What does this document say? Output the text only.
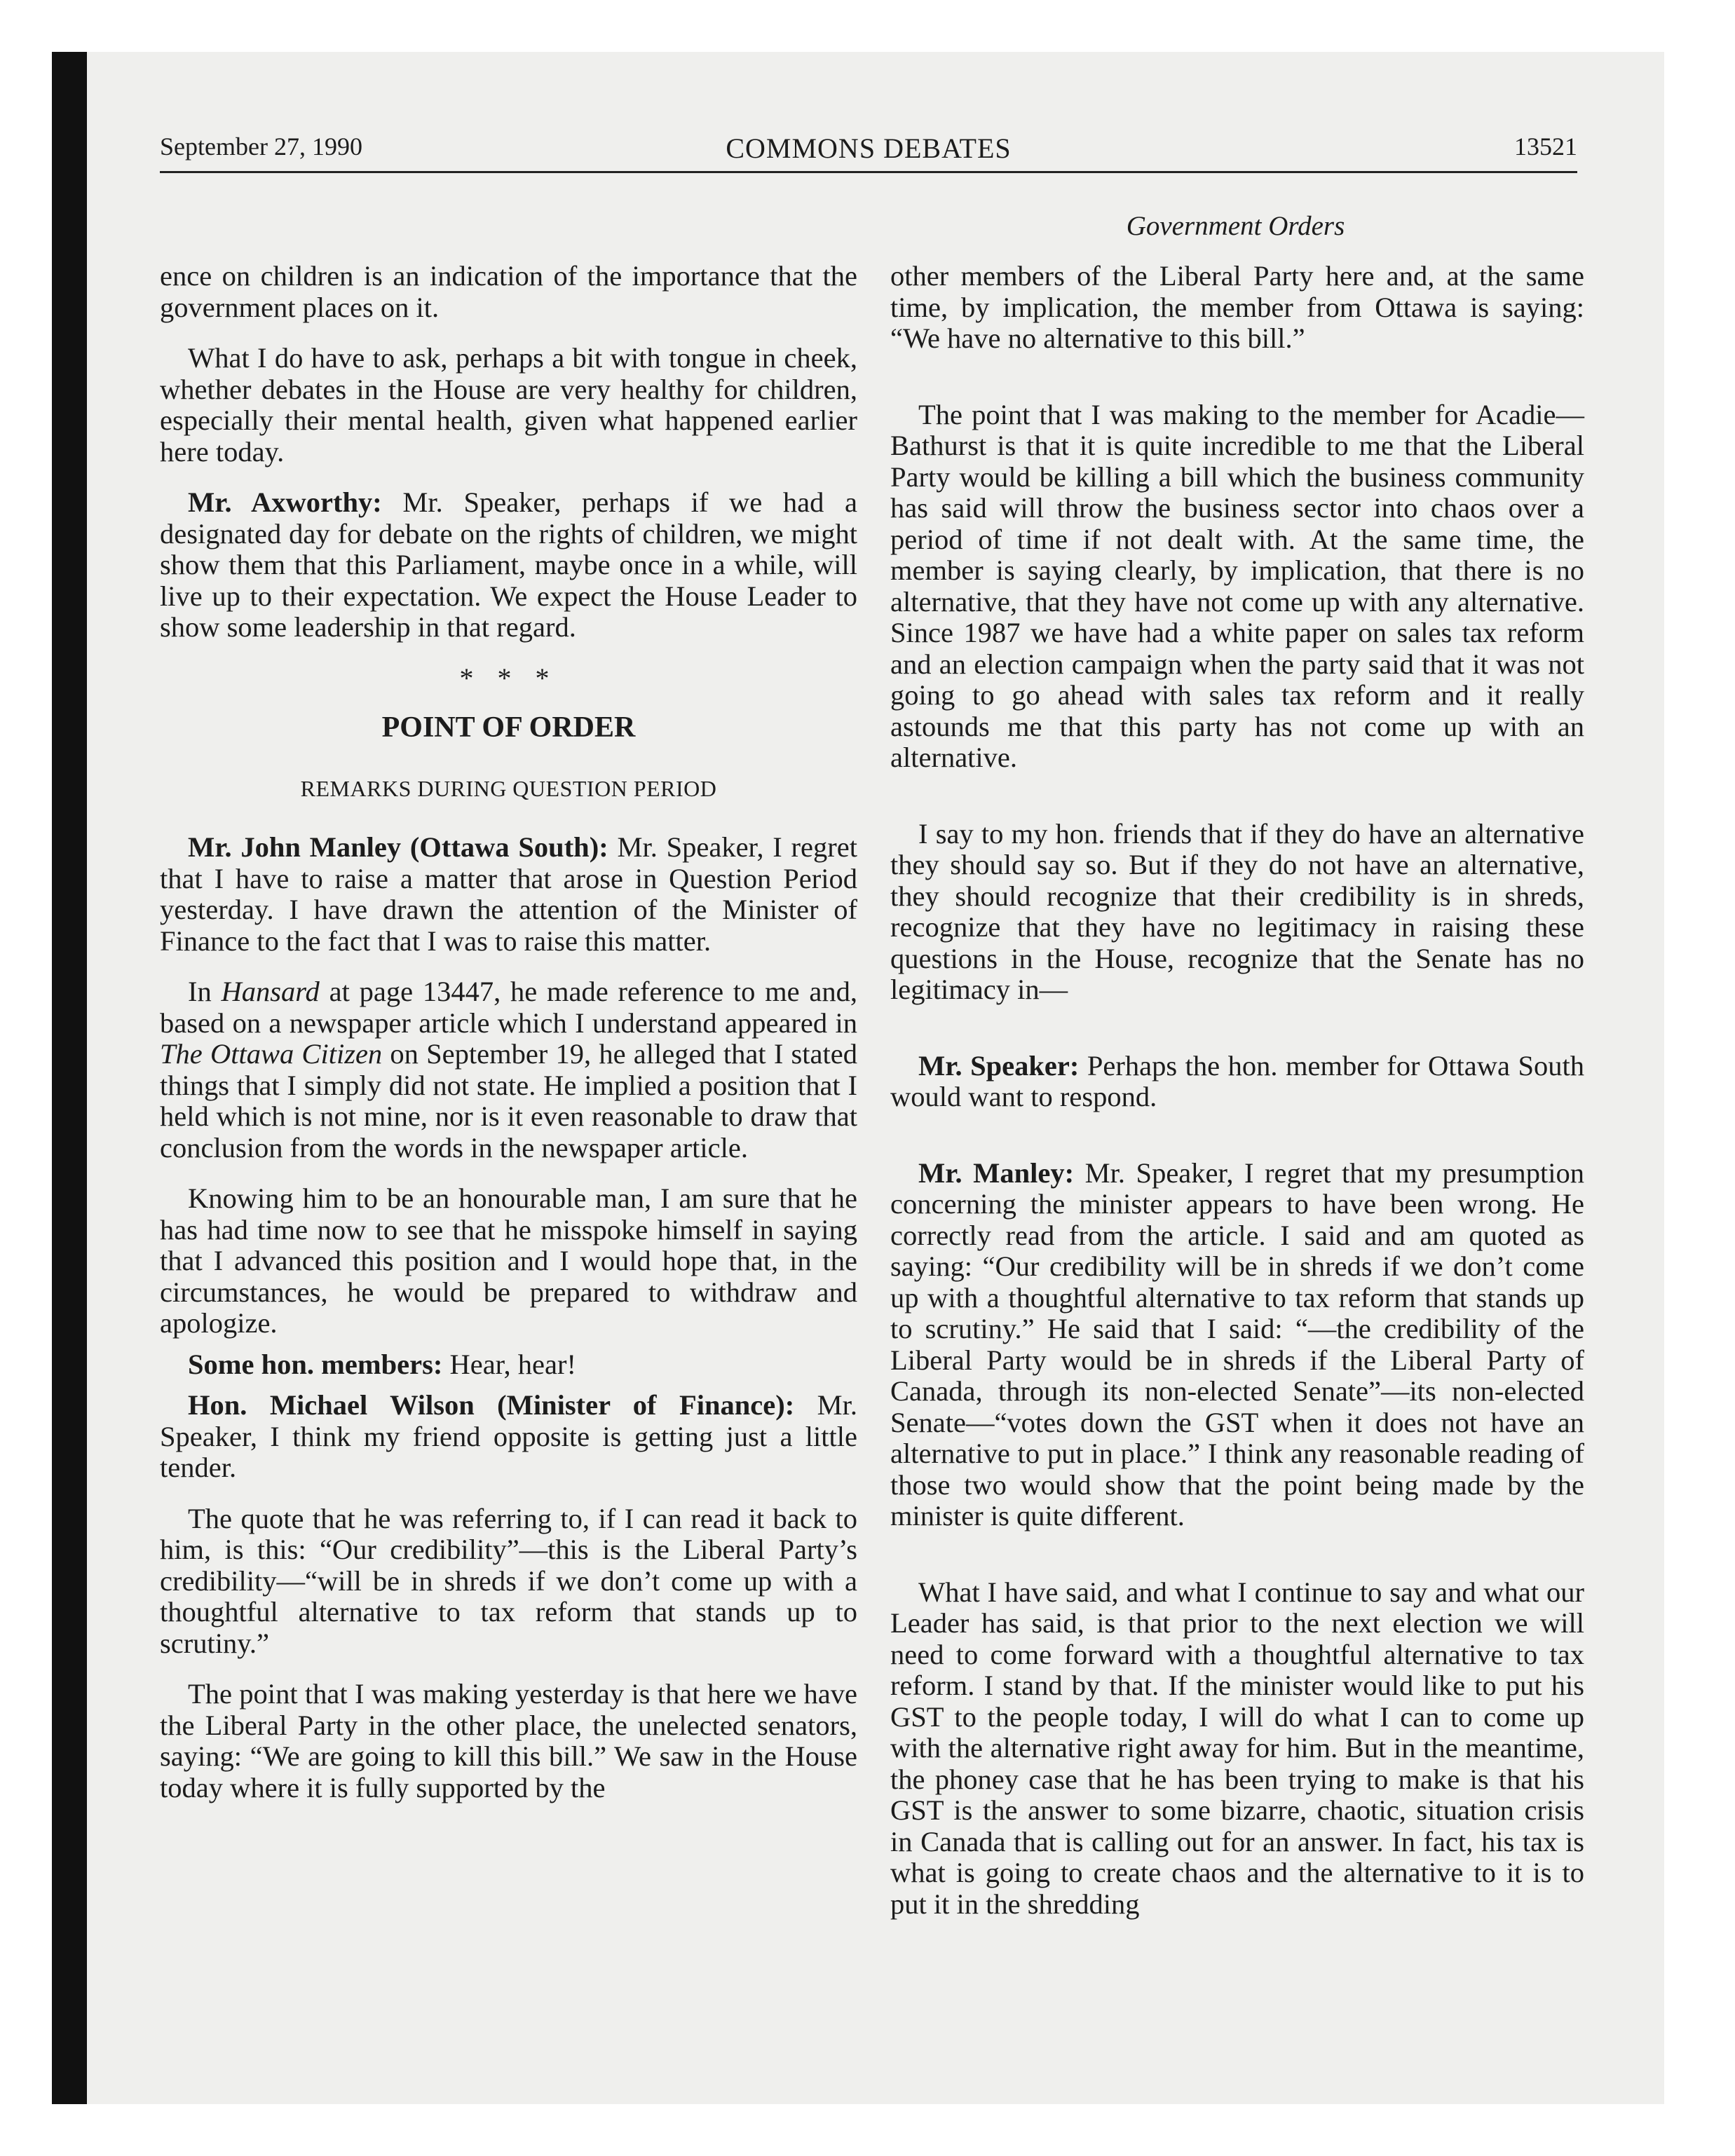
September 27, 1990	COMMONS DEBATES	13521
Government Orders

ence on children is an indication of the importance that the government places on it.

What I do have to ask, perhaps a bit with tongue in cheek, whether debates in the House are very healthy for children, especially their mental health, given what happened earlier here today.

Mr. Axworthy: Mr. Speaker, perhaps if we had a designated day for debate on the rights of children, we might show them that this Parliament, maybe once in a while, will live up to their expectation. We expect the House Leader to show some leadership in that regard.

* * *
POINT OF ORDER
REMARKS DURING QUESTION PERIOD

Mr. John Manley (Ottawa South): Mr. Speaker, I regret that I have to raise a matter that arose in Question Period yesterday. I have drawn the attention of the Minister of Finance to the fact that I was to raise this matter.

In Hansard at page 13447, he made reference to me and, based on a newspaper article which I understand appeared in The Ottawa Citizen on September 19, he alleged that I stated things that I simply did not state. He implied a position that I held which is not mine, nor is it even reasonable to draw that conclusion from the words in the newspaper article.

Knowing him to be an honourable man, I am sure that he has had time now to see that he misspoke himself in saying that I advanced this position and I would hope that, in the circumstances, he would be prepared to withdraw and apologize.

Some hon. members: Hear, hear!

Hon. Michael Wilson (Minister of Finance): Mr. Speaker, I think my friend opposite is getting just a little tender.

The quote that he was referring to, if I can read it back to him, is this: “Our credibility”—this is the Liberal Party’s credibility—“will be in shreds if we don’t come up with a thoughtful alternative to tax reform that stands up to scrutiny.”

The point that I was making yesterday is that here we have the Liberal Party in the other place, the unelected senators, saying: “We are going to kill this bill.” We saw in the House today where it is fully supported by the

other members of the Liberal Party here and, at the same time, by implication, the member from Ottawa is saying: “We have no alternative to this bill.”

The point that I was making to the member for Acadie—Bathurst is that it is quite incredible to me that the Liberal Party would be killing a bill which the business community has said will throw the business sector into chaos over a period of time if not dealt with. At the same time, the member is saying clearly, by implication, that there is no alternative, that they have not come up with any alternative. Since 1987 we have had a white paper on sales tax reform and an election campaign when the party said that it was not going to go ahead with sales tax reform and it really astounds me that this party has not come up with an alternative.

I say to my hon. friends that if they do have an alternative they should say so. But if they do not have an alternative, they should recognize that their credibility is in shreds, recognize that they have no legitimacy in raising these questions in the House, recognize that the Senate has no legitimacy in—

Mr. Speaker: Perhaps the hon. member for Ottawa South would want to respond.

Mr. Manley: Mr. Speaker, I regret that my presumption concerning the minister appears to have been wrong. He correctly read from the article. I said and am quoted as saying: “Our credibility will be in shreds if we don’t come up with a thoughtful alternative to tax reform that stands up to scrutiny.” He said that I said: “—the credibility of the Liberal Party would be in shreds if the Liberal Party of Canada, through its non-elected Senate”—its non-elected Senate—“votes down the GST when it does not have an alternative to put in place.” I think any reasonable reading of those two would show that the point being made by the minister is quite different.

What I have said, and what I continue to say and what our Leader has said, is that prior to the next election we will need to come forward with a thoughtful alternative to tax reform. I stand by that. If the minister would like to put his GST to the people today, I will do what I can to come up with the alternative right away for him. But in the meantime, the phoney case that he has been trying to make is that his GST is the answer to some bizarre, chaotic, situation crisis in Canada that is calling out for an answer. In fact, his tax is what is going to create chaos and the alternative to it is to put it in the shredding
